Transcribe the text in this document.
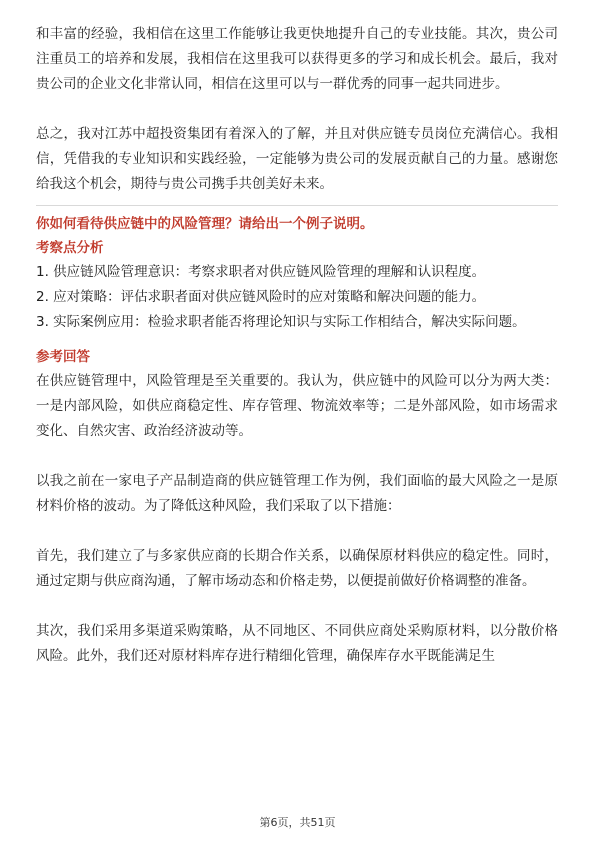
和丰富的经验，我相信在这里工作能够让我更快地提升自己的专业技能。其次，贵公司注重员工的培养和发展，我相信在这里我可以获得更多的学习和成长机会。最后，我对贵公司的企业文化非常认同，相信在这里可以与一群优秀的同事一起共同进步。

总之，我对江苏中超投资集团有着深入的了解，并且对供应链专员岗位充满信心。我相信，凭借我的专业知识和实践经验，一定能够为贵公司的发展贡献自己的力量。感谢您给我这个机会，期待与贵公司携手共创美好未来。

你如何看待供应链中的风险管理？请给出一个例子说明。

考察点分析

1. 供应链风险管理意识：考察求职者对供应链风险管理的理解和认识程度。

2. 应对策略：评估求职者面对供应链风险时的应对策略和解决问题的能力。

3. 实际案例应用：检验求职者能否将理论知识与实际工作相结合，解决实际问题。

参考回答

在供应链管理中，风险管理是至关重要的。我认为，供应链中的风险可以分为两大类：一是内部风险，如供应商稳定性、库存管理、物流效率等；二是外部风险，如市场需求变化、自然灾害、政治经济波动等。

以我之前在一家电子产品制造商的供应链管理工作为例，我们面临的最大风险之一是原材料价格的波动。为了降低这种风险，我们采取了以下措施：

首先，我们建立了与多家供应商的长期合作关系，以确保原材料供应的稳定性。同时，通过定期与供应商沟通，了解市场动态和价格走势，以便提前做好价格调整的准备。

其次，我们采用多渠道采购策略，从不同地区、不同供应商处采购原材料，以分散价格风险。此外，我们还对原材料库存进行精细化管理，确保库存水平既能满足生

第6页，共51页
